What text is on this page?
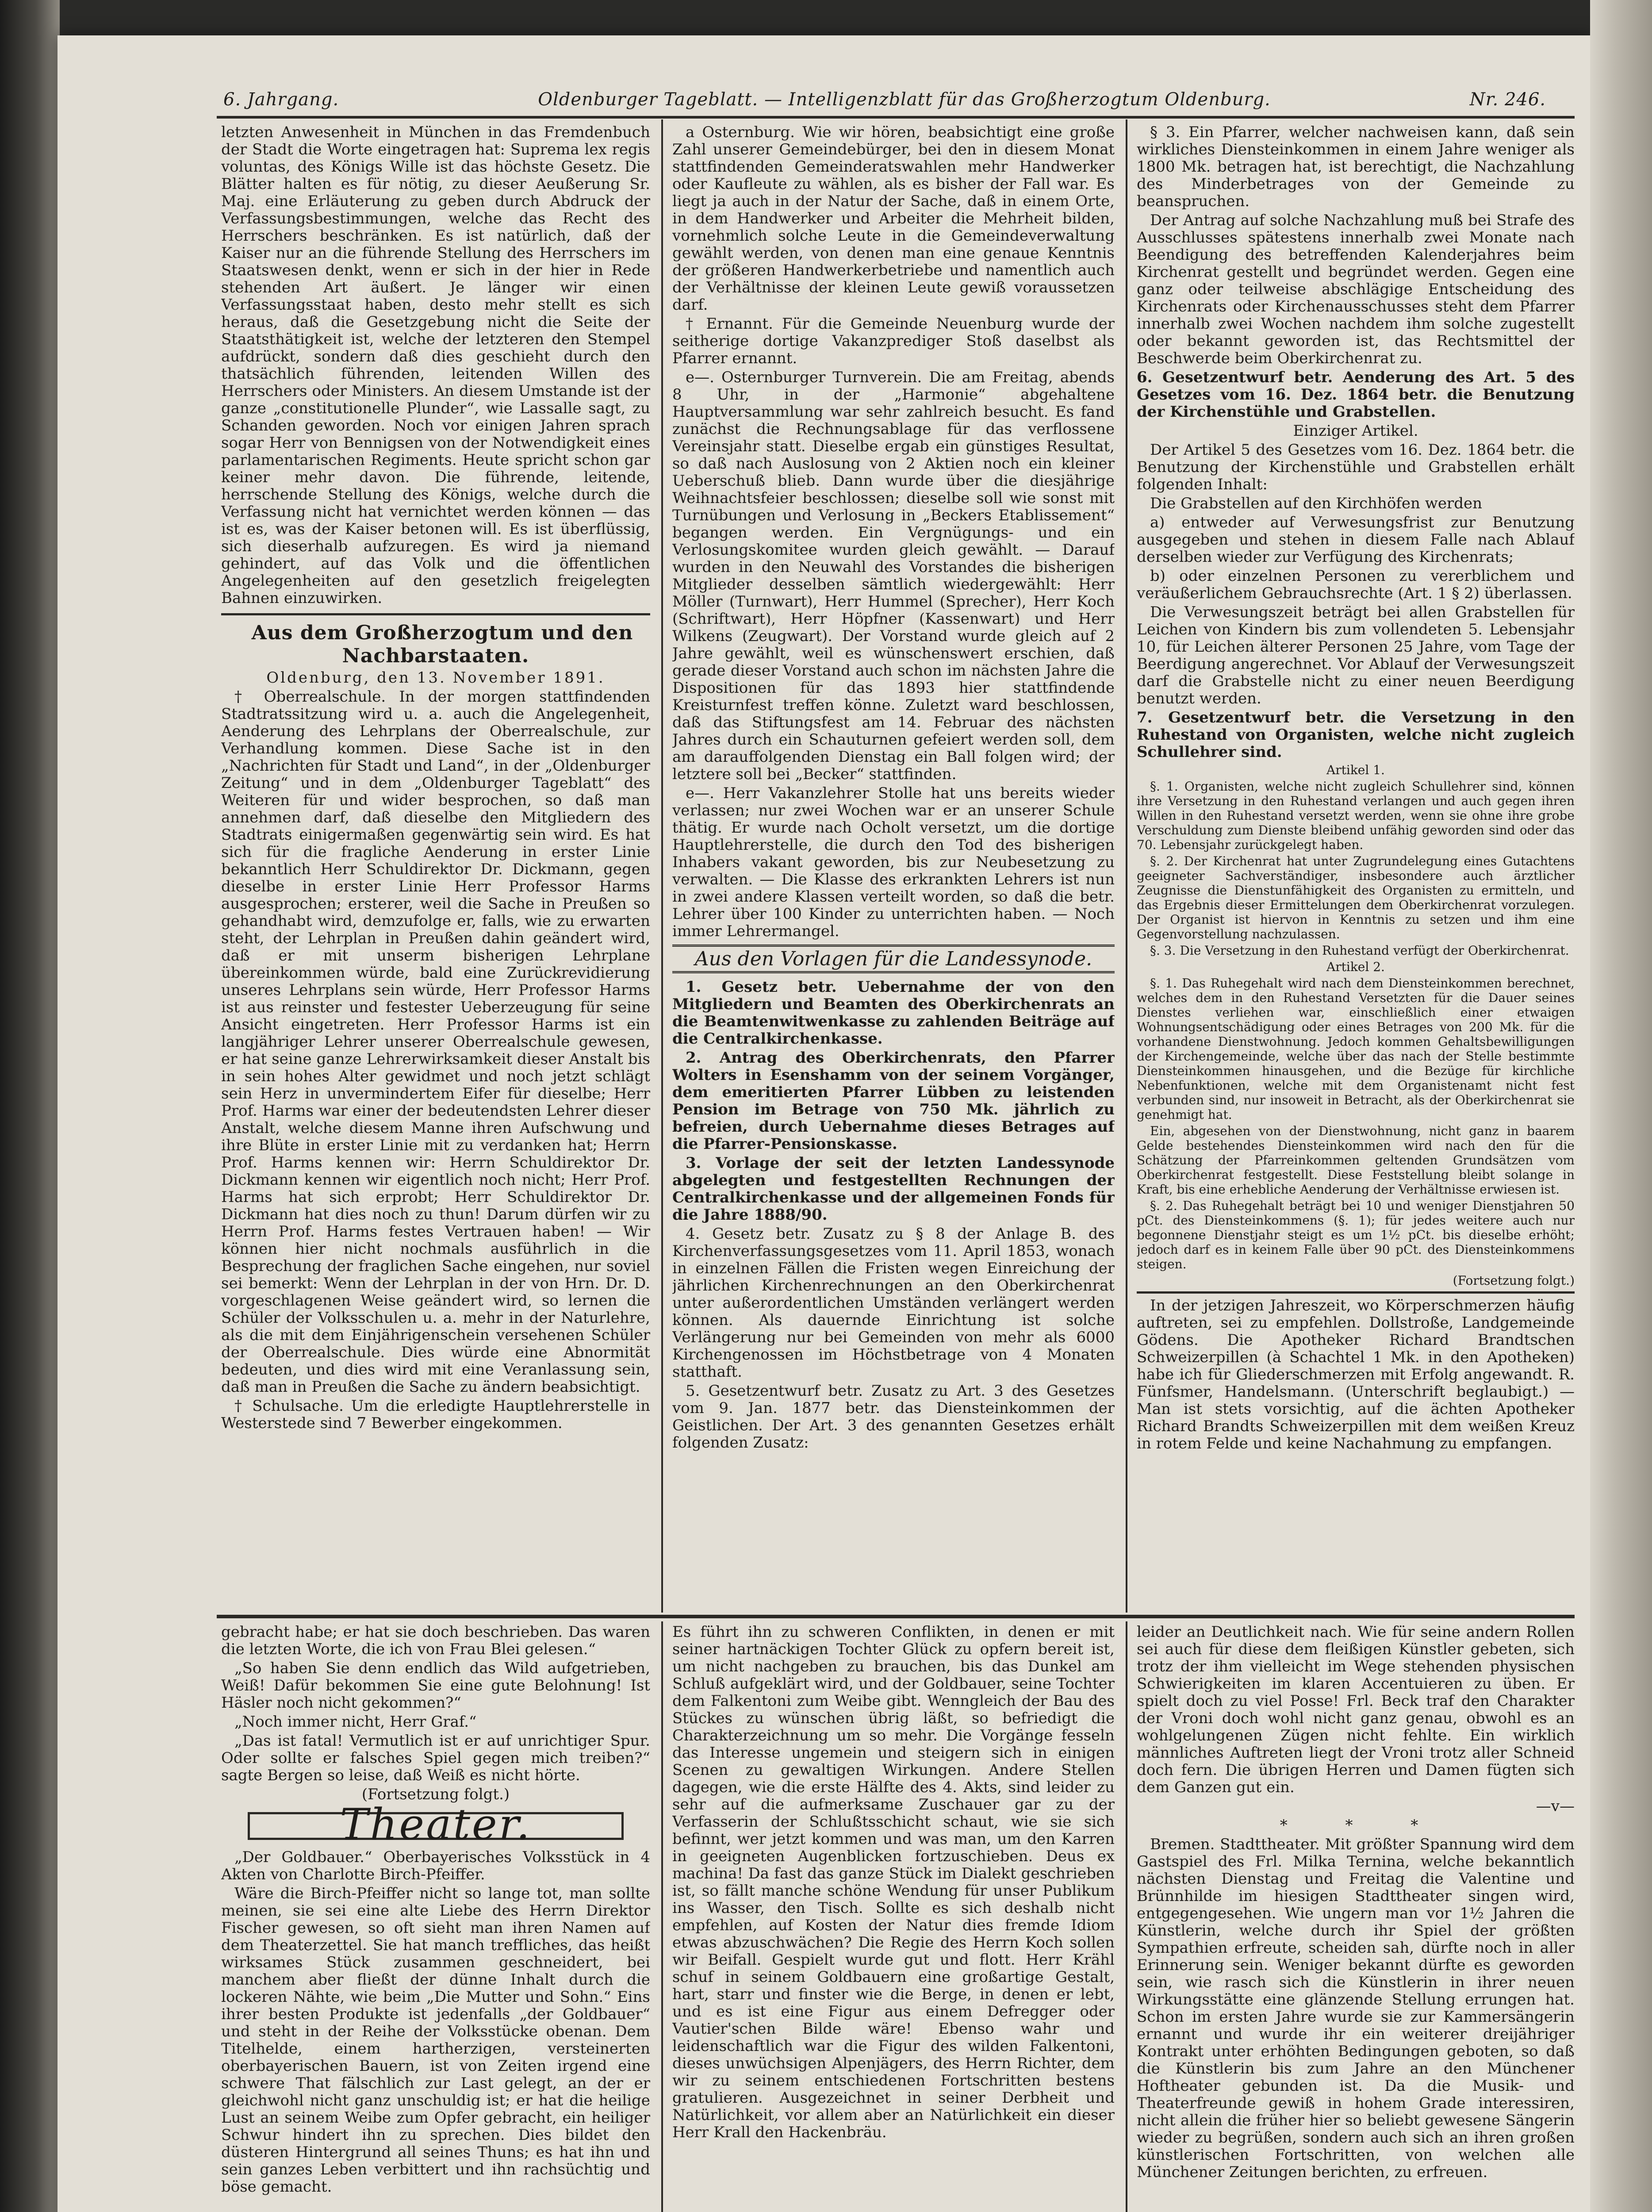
6. Jahrgang.	Oldenburger Tageblatt. — Intelligenzblatt für das Großherzogtum Oldenburg.	Nr. 246.

letzten Anwesenheit in München in das Fremdenbuch der Stadt die Worte eingetragen hat: Suprema lex regis voluntas, des Königs Wille ist das höchste Gesetz. Die Blätter halten es für nötig, zu dieser Aeußerung Sr. Maj. eine Erläuterung zu geben durch Abdruck der Verfassungsbestimmungen, welche das Recht des Herrschers beschränken. Es ist natürlich, daß der Kaiser nur an die führende Stellung des Herrschers im Staatswesen denkt, wenn er sich in der hier in Rede stehenden Art äußert. Je länger wir einen Verfassungsstaat haben, desto mehr stellt es sich heraus, daß die Gesetzgebung nicht die Seite der Staatsthätigkeit ist, welche der letzteren den Stempel aufdrückt, sondern daß dies geschieht durch den thatsächlich führenden, leitenden Willen des Herrschers oder Ministers. An diesem Umstande ist der ganze „constitutionelle Plunder“, wie Lassalle sagt, zu Schanden geworden. Noch vor einigen Jahren sprach sogar Herr von Bennigsen von der Notwendigkeit eines parlamentarischen Regiments. Heute spricht schon gar keiner mehr davon. Die führende, leitende, herrschende Stellung des Königs, welche durch die Verfassung nicht hat vernichtet werden können — das ist es, was der Kaiser betonen will. Es ist überflüssig, sich dieserhalb aufzuregen. Es wird ja niemand gehindert, auf das Volk und die öffentlichen Angelegenheiten auf den gesetzlich freigelegten Bahnen einzuwirken.

Aus dem Großherzogtum und den Nachbarstaaten.

Oldenburg, den 13. November 1891.

† Oberrealschule. In der morgen stattfindenden Stadtratssitzung wird u. a. auch die Angelegenheit, Aenderung des Lehrplans der Oberrealschule, zur Verhandlung kommen. Diese Sache ist in den „Nachrichten für Stadt und Land“, in der „Oldenburger Zeitung“ und in dem „Oldenburger Tageblatt“ des Weiteren für und wider besprochen, so daß man annehmen darf, daß dieselbe den Mitgliedern des Stadtrats einigermaßen gegenwärtig sein wird. Es hat sich für die fragliche Aenderung in erster Linie bekanntlich Herr Schuldirektor Dr. Dickmann, gegen dieselbe in erster Linie Herr Professor Harms ausgesprochen; ersterer, weil die Sache in Preußen so gehandhabt wird, demzufolge er, falls, wie zu erwarten steht, der Lehrplan in Preußen dahin geändert wird, daß er mit unserm bisherigen Lehrplane übereinkommen würde, bald eine Zurückrevidierung unseres Lehrplans sein würde, Herr Professor Harms ist aus reinster und festester Ueberzeugung für seine Ansicht eingetreten. Herr Professor Harms ist ein langjähriger Lehrer unserer Oberrealschule gewesen, er hat seine ganze Lehrerwirksamkeit dieser Anstalt bis in sein hohes Alter gewidmet und noch jetzt schlägt sein Herz in unvermindertem Eifer für dieselbe; Herr Prof. Harms war einer der bedeutendsten Lehrer dieser Anstalt, welche diesem Manne ihren Aufschwung und ihre Blüte in erster Linie mit zu verdanken hat; Herrn Prof. Harms kennen wir: Herrn Schuldirektor Dr. Dickmann kennen wir eigentlich noch nicht; Herr Prof. Harms hat sich erprobt; Herr Schuldirektor Dr. Dickmann hat dies noch zu thun! Darum dürfen wir zu Herrn Prof. Harms festes Vertrauen haben! — Wir können hier nicht nochmals ausführlich in die Besprechung der fraglichen Sache eingehen, nur soviel sei bemerkt: Wenn der Lehrplan in der von Hrn. Dr. D. vorgeschlagenen Weise geändert wird, so lernen die Schüler der Volksschulen u. a. mehr in der Naturlehre, als die mit dem Einjährigenschein versehenen Schüler der Oberrealschule. Dies würde eine Abnormität bedeuten, und dies wird mit eine Veranlassung sein, daß man in Preußen die Sache zu ändern beabsichtigt.

† Schulsache. Um die erledigte Hauptlehrerstelle in Westerstede sind 7 Bewerber eingekommen.

a Osternburg. Wie wir hören, beabsichtigt eine große Zahl unserer Gemeindebürger, bei den in diesem Monat stattfindenden Gemeinderatswahlen mehr Handwerker oder Kaufleute zu wählen, als es bisher der Fall war. Es liegt ja auch in der Natur der Sache, daß in einem Orte, in dem Handwerker und Arbeiter die Mehrheit bilden, vornehmlich solche Leute in die Gemeindeverwaltung gewählt werden, von denen man eine genaue Kenntnis der größeren Handwerkerbetriebe und namentlich auch der Verhältnisse der kleinen Leute gewiß voraussetzen darf.

† Ernannt. Für die Gemeinde Neuenburg wurde der seitherige dortige Vakanzprediger Stoß daselbst als Pfarrer ernannt.

e—. Osternburger Turnverein. Die am Freitag, abends 8 Uhr, in der „Harmonie“ abgehaltene Hauptversammlung war sehr zahlreich besucht. Es fand zunächst die Rechnungsablage für das verflossene Vereinsjahr statt. Dieselbe ergab ein günstiges Resultat, so daß nach Auslosung von 2 Aktien noch ein kleiner Ueberschuß blieb. Dann wurde über die diesjährige Weihnachtsfeier beschlossen; dieselbe soll wie sonst mit Turnübungen und Verlosung in „Beckers Etablissement“ begangen werden. Ein Vergnügungs- und ein Verlosungskomitee wurden gleich gewählt. — Darauf wurden in den Neuwahl des Vorstandes die bisherigen Mitglieder desselben sämtlich wiedergewählt: Herr Möller (Turnwart), Herr Hummel (Sprecher), Herr Koch (Schriftwart), Herr Höpfner (Kassenwart) und Herr Wilkens (Zeugwart). Der Vorstand wurde gleich auf 2 Jahre gewählt, weil es wünschenswert erschien, daß gerade dieser Vorstand auch schon im nächsten Jahre die Dispositionen für das 1893 hier stattfindende Kreisturnfest treffen könne. Zuletzt ward beschlossen, daß das Stiftungsfest am 14. Februar des nächsten Jahres durch ein Schauturnen gefeiert werden soll, dem am darauffolgenden Dienstag ein Ball folgen wird; der letztere soll bei „Becker“ stattfinden.

e—. Herr Vakanzlehrer Stolle hat uns bereits wieder verlassen; nur zwei Wochen war er an unserer Schule thätig. Er wurde nach Ocholt versetzt, um die dortige Hauptlehrerstelle, die durch den Tod des bisherigen Inhabers vakant geworden, bis zur Neubesetzung zu verwalten. — Die Klasse des erkrankten Lehrers ist nun in zwei andere Klassen verteilt worden, so daß die betr. Lehrer über 100 Kinder zu unterrichten haben. — Noch immer Lehrermangel.

Aus den Vorlagen für die Landessynode.

1. Gesetz betr. Uebernahme der von den Mitgliedern und Beamten des Oberkirchenrats an die Beamtenwitwenkasse zu zahlenden Beiträge auf die Centralkirchenkasse.

2. Antrag des Oberkirchenrats, den Pfarrer Wolters in Esenshamm von der seinem Vorgänger, dem emeritierten Pfarrer Lübben zu leistenden Pension im Betrage von 750 Mk. jährlich zu befreien, durch Uebernahme dieses Betrages auf die Pfarrer-Pensionskasse.

3. Vorlage der seit der letzten Landessynode abgelegten und festgestellten Rechnungen der Centralkirchenkasse und der allgemeinen Fonds für die Jahre 1888/90.

4. Gesetz betr. Zusatz zu § 8 der Anlage B. des Kirchenverfassungsgesetzes vom 11. April 1853, wonach in einzelnen Fällen die Fristen wegen Einreichung der jährlichen Kirchenrechnungen an den Oberkirchenrat unter außerordentlichen Umständen verlängert werden können. Als dauernde Einrichtung ist solche Verlängerung nur bei Gemeinden von mehr als 6000 Kirchengenossen im Höchstbetrage von 4 Monaten statthaft.

5. Gesetzentwurf betr. Zusatz zu Art. 3 des Gesetzes vom 9. Jan. 1877 betr. das Diensteinkommen der Geistlichen. Der Art. 3 des genannten Gesetzes erhält folgenden Zusatz:

§ 3. Ein Pfarrer, welcher nachweisen kann, daß sein wirkliches Diensteinkommen in einem Jahre weniger als 1800 Mk. betragen hat, ist berechtigt, die Nachzahlung des Minderbetrages von der Gemeinde zu beanspruchen.

Der Antrag auf solche Nachzahlung muß bei Strafe des Ausschlusses spätestens innerhalb zwei Monate nach Beendigung des betreffenden Kalenderjahres beim Kirchenrat gestellt und begründet werden. Gegen eine ganz oder teilweise abschlägige Entscheidung des Kirchenrats oder Kirchenausschusses steht dem Pfarrer innerhalb zwei Wochen nachdem ihm solche zugestellt oder bekannt geworden ist, das Rechtsmittel der Beschwerde beim Oberkirchenrat zu.

6. Gesetzentwurf betr. Aenderung des Art. 5 des Gesetzes vom 16. Dez. 1864 betr. die Benutzung der Kirchenstühle und Grabstellen.

Einziger Artikel.

Der Artikel 5 des Gesetzes vom 16. Dez. 1864 betr. die Benutzung der Kirchenstühle und Grabstellen erhält folgenden Inhalt:

Die Grabstellen auf den Kirchhöfen werden

a) entweder auf Verwesungsfrist zur Benutzung ausgegeben und stehen in diesem Falle nach Ablauf derselben wieder zur Verfügung des Kirchenrats;

b) oder einzelnen Personen zu vererblichem und veräußerlichem Gebrauchsrechte (Art. 1 § 2) überlassen.

Die Verwesungszeit beträgt bei allen Grabstellen für Leichen von Kindern bis zum vollendeten 5. Lebensjahr 10, für Leichen älterer Personen 25 Jahre, vom Tage der Beerdigung angerechnet. Vor Ablauf der Verwesungszeit darf die Grabstelle nicht zu einer neuen Beerdigung benutzt werden.

7. Gesetzentwurf betr. die Versetzung in den Ruhestand von Organisten, welche nicht zugleich Schullehrer sind.

Artikel 1.

§. 1. Organisten, welche nicht zugleich Schullehrer sind, können ihre Versetzung in den Ruhestand verlangen und auch gegen ihren Willen in den Ruhestand versetzt werden, wenn sie ohne ihre grobe Verschuldung zum Dienste bleibend unfähig geworden sind oder das 70. Lebensjahr zurückgelegt haben.

§. 2. Der Kirchenrat hat unter Zugrundelegung eines Gutachtens geeigneter Sachverständiger, insbesondere auch ärztlicher Zeugnisse die Dienstunfähigkeit des Organisten zu ermitteln, und das Ergebnis dieser Ermittelungen dem Oberkirchenrat vorzulegen. Der Organist ist hiervon in Kenntnis zu setzen und ihm eine Gegenvorstellung nachzulassen.

§. 3. Die Versetzung in den Ruhestand verfügt der Oberkirchenrat.

Artikel 2.

§. 1. Das Ruhegehalt wird nach dem Diensteinkommen berechnet, welches dem in den Ruhestand Versetzten für die Dauer seines Dienstes verliehen war, einschließlich einer etwaigen Wohnungsentschädigung oder eines Betrages von 200 Mk. für die vorhandene Dienstwohnung. Jedoch kommen Gehaltsbewilligungen der Kirchengemeinde, welche über das nach der Stelle bestimmte Diensteinkommen hinausgehen, und die Bezüge für kirchliche Nebenfunktionen, welche mit dem Organistenamt nicht fest verbunden sind, nur insoweit in Betracht, als der Oberkirchenrat sie genehmigt hat.

Ein, abgesehen von der Dienstwohnung, nicht ganz in baarem Gelde bestehendes Diensteinkommen wird nach den für die Schätzung der Pfarreinkommen geltenden Grundsätzen vom Oberkirchenrat festgestellt. Diese Feststellung bleibt solange in Kraft, bis eine erhebliche Aenderung der Verhältnisse erwiesen ist.

§. 2. Das Ruhegehalt beträgt bei 10 und weniger Dienstjahren 50 pCt. des Diensteinkommens (§. 1); für jedes weitere auch nur begonnene Dienstjahr steigt es um 1½ pCt. bis dieselbe erhöht; jedoch darf es in keinem Falle über 90 pCt. des Diensteinkommens steigen.

(Fortsetzung folgt.)

In der jetzigen Jahreszeit, wo Körperschmerzen häufig auftreten, sei zu empfehlen. Dollstroße, Landgemeinde Gödens. Die Apotheker Richard Brandtschen Schweizerpillen (à Schachtel 1 Mk. in den Apotheken) habe ich für Gliederschmerzen mit Erfolg angewandt. R. Fünfsmer, Handelsmann. (Unterschrift beglaubigt.) — Man ist stets vorsichtig, auf die ächten Apotheker Richard Brandts Schweizerpillen mit dem weißen Kreuz in rotem Felde und keine Nachahmung zu empfangen.

gebracht habe; er hat sie doch beschrieben. Das waren die letzten Worte, die ich von Frau Blei gelesen.“

„So haben Sie denn endlich das Wild aufgetrieben, Weiß! Dafür bekommen Sie eine gute Belohnung! Ist Häsler noch nicht gekommen?“

„Noch immer nicht, Herr Graf.“

„Das ist fatal! Vermutlich ist er auf unrichtiger Spur. Oder sollte er falsches Spiel gegen mich treiben?“ sagte Bergen so leise, daß Weiß es nicht hörte.

(Fortsetzung folgt.)

Theater.

„Der Goldbauer.“ Oberbayerisches Volksstück in 4 Akten von Charlotte Birch-Pfeiffer.

Wäre die Birch-Pfeiffer nicht so lange tot, man sollte meinen, sie sei eine alte Liebe des Herrn Direktor Fischer gewesen, so oft sieht man ihren Namen auf dem Theaterzettel. Sie hat manch treffliches, das heißt wirksames Stück zusammen geschneidert, bei manchem aber fließt der dünne Inhalt durch die lockeren Nähte, wie beim „Die Mutter und Sohn.“ Eins ihrer besten Produkte ist jedenfalls „der Goldbauer“ und steht in der Reihe der Volksstücke obenan. Dem Titelhelde, einem hartherzigen, versteinerten oberbayerischen Bauern, ist von Zeiten irgend eine schwere That fälschlich zur Last gelegt, an der er gleichwohl nicht ganz unschuldig ist; er hat die heilige Lust an seinem Weibe zum Opfer gebracht, ein heiliger Schwur hindert ihn zu sprechen. Dies bildet den düsteren Hintergrund all seines Thuns; es hat ihn und sein ganzes Leben verbittert und ihn rachsüchtig und böse gemacht.

Es führt ihn zu schweren Conflikten, in denen er mit seiner hartnäckigen Tochter Glück zu opfern bereit ist, um nicht nachgeben zu brauchen, bis das Dunkel am Schluß aufgeklärt wird, und der Goldbauer, seine Tochter dem Falkentoni zum Weibe gibt. Wenngleich der Bau des Stückes zu wünschen übrig läßt, so befriedigt die Charakterzeichnung um so mehr. Die Vorgänge fesseln das Interesse ungemein und steigern sich in einigen Scenen zu gewaltigen Wirkungen. Andere Stellen dagegen, wie die erste Hälfte des 4. Akts, sind leider zu sehr auf die aufmerksame Zuschauer gar zu der Verfasserin der Schlußtsschicht schaut, wie sie sich befinnt, wer jetzt kommen und was man, um den Karren in geeigneten Augenblicken fortzuschieben. Deus ex machina! Da fast das ganze Stück im Dialekt geschrieben ist, so fällt manche schöne Wendung für unser Publikum ins Wasser, den Tisch. Sollte es sich deshalb nicht empfehlen, auf Kosten der Natur dies fremde Idiom etwas abzuschwächen? Die Regie des Herrn Koch sollen wir Beifall. Gespielt wurde gut und flott. Herr Krähl schuf in seinem Goldbauern eine großartige Gestalt, hart, starr und finster wie die Berge, in denen er lebt, und es ist eine Figur aus einem Defregger oder Vautier'schen Bilde wäre! Ebenso wahr und leidenschaftlich war die Figur des wilden Falkentoni, dieses unwüchsigen Alpenjägers, des Herrn Richter, dem wir zu seinem entschiedenen Fortschritten bestens gratulieren. Ausgezeichnet in seiner Derbheit und Natürlichkeit, vor allem aber an Natürlichkeit ein dieser Herr Krall den Hackenbräu.

leider an Deutlichkeit nach. Wie für seine andern Rollen sei auch für diese dem fleißigen Künstler gebeten, sich trotz der ihm vielleicht im Wege stehenden physischen Schwierigkeiten im klaren Accentuieren zu üben. Er spielt doch zu viel Posse! Frl. Beck traf den Charakter der Vroni doch wohl nicht ganz genau, obwohl es an wohlgelungenen Zügen nicht fehlte. Ein wirklich männliches Auftreten liegt der Vroni trotz aller Schneid doch fern. Die übrigen Herren und Damen fügten sich dem Ganzen gut ein.

—v—

* * *

Bremen. Stadttheater. Mit größter Spannung wird dem Gastspiel des Frl. Milka Ternina, welche bekanntlich nächsten Dienstag und Freitag die Valentine und Brünnhilde im hiesigen Stadttheater singen wird, entgegengesehen. Wie ungern man vor 1½ Jahren die Künstlerin, welche durch ihr Spiel der größten Sympathien erfreute, scheiden sah, dürfte noch in aller Erinnerung sein. Weniger bekannt dürfte es geworden sein, wie rasch sich die Künstlerin in ihrer neuen Wirkungsstätte eine glänzende Stellung errungen hat. Schon im ersten Jahre wurde sie zur Kammersängerin ernannt und wurde ihr ein weiterer dreijähriger Kontrakt unter erhöhten Bedingungen geboten, so daß die Künstlerin bis zum Jahre an den Münchener Hoftheater gebunden ist. Da die Musik- und Theaterfreunde gewiß in hohem Grade interessiren, nicht allein die früher hier so beliebt gewesene Sängerin wieder zu begrüßen, sondern auch sich an ihren großen künstlerischen Fortschritten, von welchen alle Münchener Zeitungen berichten, zu erfreuen.
